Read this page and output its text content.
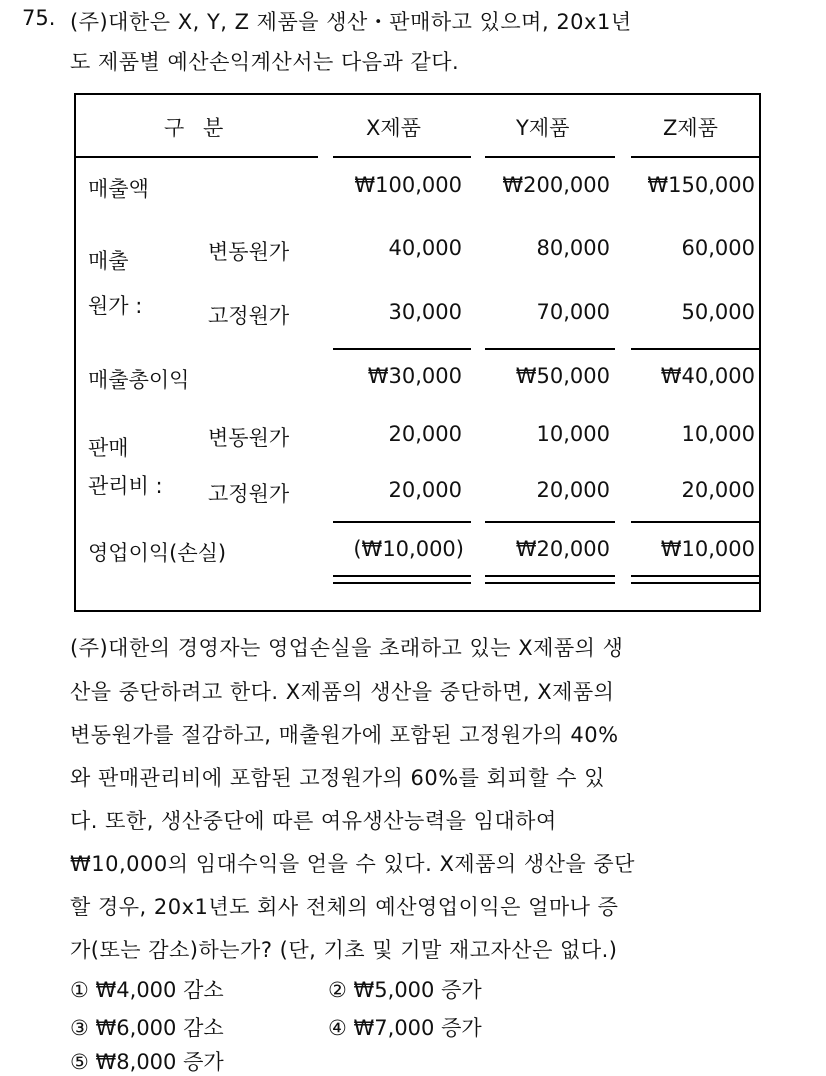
75. (주)대한은 X, Y, Z 제품을 생산・판매하고 있으며, 20x1년
도 제품별 예산손익계산서는 다음과 같다.
구 분	X제품	Y제품	Z제품
매출액	₩100,000	₩200,000	₩150,000
매출	변동원가	40,000	80,000	60,000
원가 :	고정원가	30,000	70,000	50,000
매출총이익	₩30,000	₩50,000	₩40,000
판매	변동원가	20,000	10,000	10,000
관리비 : 고정원가	20,000	20,000	20,000
영업이익(손실)	(₩10,000)	₩20,000	₩10,000
(주)대한의 경영자는 영업손실을 초래하고 있는 X제품의 생
산을 중단하려고 한다. X제품의 생산을 중단하면, X제품의
변동원가를 절감하고, 매출원가에 포함된 고정원가의 40%
와 판매관리비에 포함된 고정원가의 60%를 회피할 수 있
다. 또한, 생산중단에 따른 여유생산능력을 임대하여
₩10,000의 임대수익을 얻을 수 있다. X제품의 생산을 중단
할 경우, 20x1년도 회사 전체의 예산영업이익은 얼마나 증
가(또는 감소)하는가? (단, 기초 및 기말 재고자산은 없다.)
① ₩4,000 감소	② ₩5,000 증가
③ ₩6,000 감소	④ ₩7,000 증가
⑤ ₩8,000 증가
